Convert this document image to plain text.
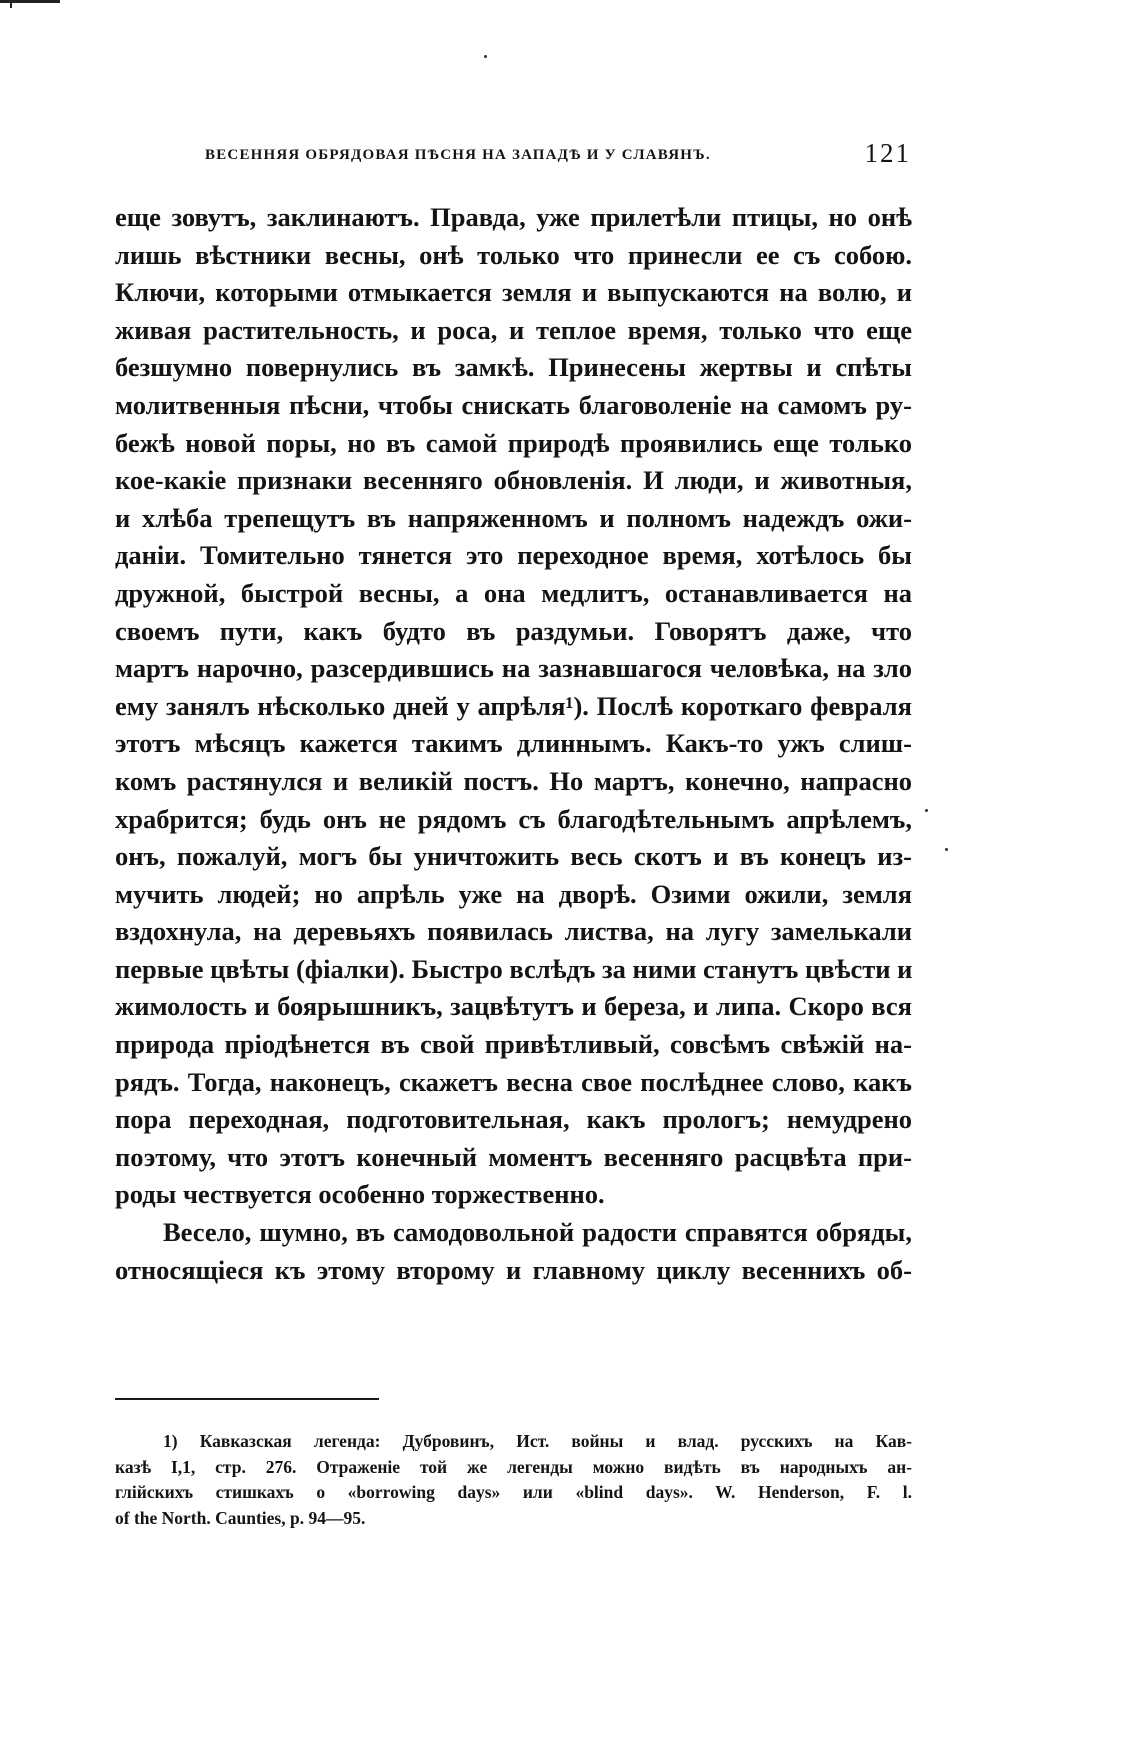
ВЕСЕННЯЯ ОБРЯДОВАЯ ПѢСНЯ НА ЗАПАДѢ И У СЛАВЯНЪ.	121
еще зовутъ, заклинаютъ. Правда, уже прилетѣли птицы, но онѣ
лишь вѣстники весны, онѣ только что принесли ее съ собою.
Ключи, которыми отмыкается земля и выпускаются на волю, и
живая растительность, и роса, и теплое время, только что еще
безшумно повернулись въ замкѣ. Принесены жертвы и спѣты
молитвенныя пѣсни, чтобы снискать благоволеніе на самомъ ру-
бежѣ новой поры, но въ самой природѣ проявились еще только
кое-какіе признаки весенняго обновленія. И люди, и животныя,
и хлѣба трепещутъ въ напряженномъ и полномъ надеждъ ожи-
даніи. Томительно тянется это переходное время, хотѣлось бы
дружной, быстрой весны, а она медлитъ, останавливается на
своемъ пути, какъ будто въ раздумьи. Говорятъ даже, что
мартъ нарочно, разсердившись на зазнавшагося человѣка, на зло
ему занялъ нѣсколько дней у апрѣля¹). Послѣ короткаго февраля
этотъ мѣсяцъ кажется такимъ длиннымъ. Какъ-то ужъ слиш-
комъ растянулся и великій постъ. Но мартъ, конечно, напрасно
храбрится; будь онъ не рядомъ съ благодѣтельнымъ апрѣлемъ,
онъ, пожалуй, могъ бы уничтожить весь скотъ и въ конецъ из-
мучить людей; но апрѣль уже на дворѣ. Озими ожили, земля
вздохнула, на деревьяхъ появилась листва, на лугу замелькали
первые цвѣты (фіалки). Быстро вслѣдъ за ними станутъ цвѣсти и
жимолость и боярышникъ, зацвѣтутъ и береза, и липа. Скоро вся
природа пріодѣнется въ свой привѣтливый, совсѣмъ свѣжій на-
рядъ. Тогда, наконецъ, скажетъ весна свое послѣднее слово, какъ
пора переходная, подготовительная, какъ прологъ; немудрено
поэтому, что этотъ конечный моментъ весенняго расцвѣта при-
роды чествуется особенно торжественно.
Весело, шумно, въ самодовольной радости справятся обряды,
относящіеся къ этому второму и главному циклу весеннихъ об-
1) Кавказская легенда: Дубровинъ, Ист. войны и влад. русскихъ на Кав-
казѣ I,1, стр. 276. Отраженіе той же легенды можно видѣть въ народныхъ ан-
глійскихъ стишкахъ о «borrowing days» или «blind days». W. Henderson, F. l.
of the North. Caunties, p. 94—95.
